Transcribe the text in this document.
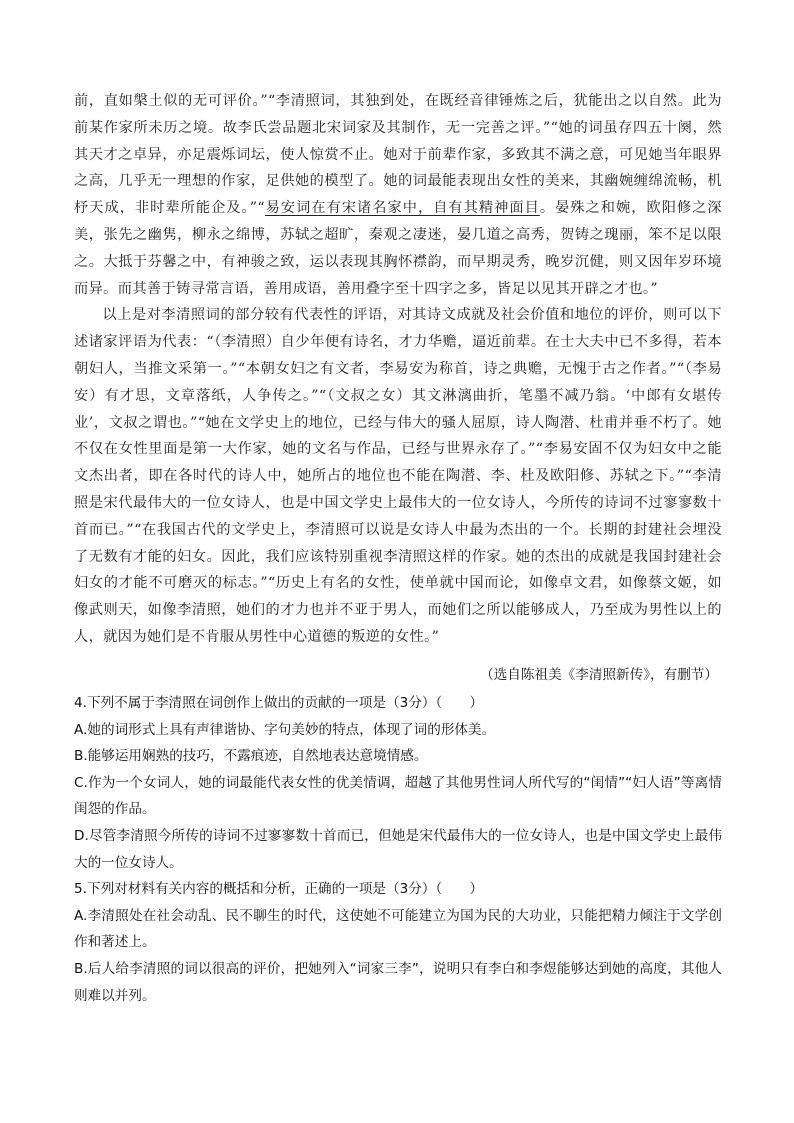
前，直如槃土似的无可评价。”“李清照词，其独到处，在既经音律锤炼之后，犹能出之以自然。此为前某作家所未历之境。故李氏尝品题北宋词家及其制作，无一完善之评。”“她的词虽存四五十阕，然其天才之卓异，亦足震烁词坛，使人惊赏不止。她对于前辈作家，多致其不满之意，可见她当年眼界之高，几乎无一理想的作家，足供她的模型了。她的词最能表现出女性的美来，其幽婉缠绵流畅，机杼天成，非时辈所能企及。”“易安词在有宋诸名家中，自有其精神面目。晏殊之和婉，欧阳修之深美，张先之幽隽，柳永之绵博，苏轼之超旷，秦观之凄迷，晏几道之高秀，贺铸之瑰丽，笨不足以限之。大抵于芬馨之中，有神骏之致，运以表现其胸怀襟韵，而早期灵秀，晚岁沉健，则又因年岁环境而异。而其善于铸寻常言语，善用成语，善用叠字至十四字之多，皆足以见其开辟之才也。”

以上是对李清照词的部分较有代表性的评语，对其诗文成就及社会价值和地位的评价，则可以下述诸家评语为代表：“（李清照）自少年便有诗名，才力华赡，逼近前辈。在士大夫中已不多得，若本朝妇人，当推文采第一。”“本朝女妇之有文者，李易安为称首，诗之典赡，无愧于古之作者。”“（李易安）有才思，文章落纸，人争传之。”“（文叔之女）其文淋漓曲折，笔墨不减乃翁。‘中郎有女堪传业’，文叔之谓也。”“她在文学史上的地位，已经与伟大的骚人屈原，诗人陶潜、杜甫并垂不朽了。她不仅在女性里面是第一大作家，她的文名与作品，已经与世界永存了。”“李易安固不仅为妇女中之能文杰出者，即在各时代的诗人中，她所占的地位也不能在陶潜、李、杜及欧阳修、苏轼之下。”“李清照是宋代最伟大的一位女诗人，也是中国文学史上最伟大的一位女诗人，今所传的诗词不过寥寥数十首而已。”“在我国古代的文学史上，李清照可以说是女诗人中最为杰出的一个。长期的封建社会埋没了无数有才能的妇女。因此，我们应该特别重视李清照这样的作家。她的杰出的成就是我国封建社会妇女的才能不可磨灭的标志。”“历史上有名的女性，使单就中国而论，如像卓文君，如像蔡文姬，如像武则天，如像李清照，她们的才力也并不亚于男人，而她们之所以能够成人，乃至成为男性以上的人，就因为她们是不肯服从男性中心道德的叛逆的女性。”

（选自陈祖美《李清照新传》，有删节）

4.下列不属于李清照在词创作上做出的贡献的一项是（3分）（　　）

A.她的词形式上具有声律谐协、字句美妙的特点，体现了词的形体美。

B.能够运用娴熟的技巧，不露痕迹，自然地表达意境情感。

C.作为一个女词人，她的词最能代表女性的优美情调，超越了其他男性词人所代写的“闺情”“妇人语”等离情闺怨的作品。

D.尽管李清照今所传的诗词不过寥寥数十首而已，但她是宋代最伟大的一位女诗人，也是中国文学史上最伟大的一位女诗人。

5.下列对材料有关内容的概括和分析，正确的一项是（3分）（　　）

A.李清照处在社会动乱、民不聊生的时代，这使她不可能建立为国为民的大功业，只能把精力倾注于文学创作和著述上。

B.后人给李清照的词以很高的评价，把她列入“词家三李”，说明只有李白和李煜能够达到她的高度，其他人则难以并列。
